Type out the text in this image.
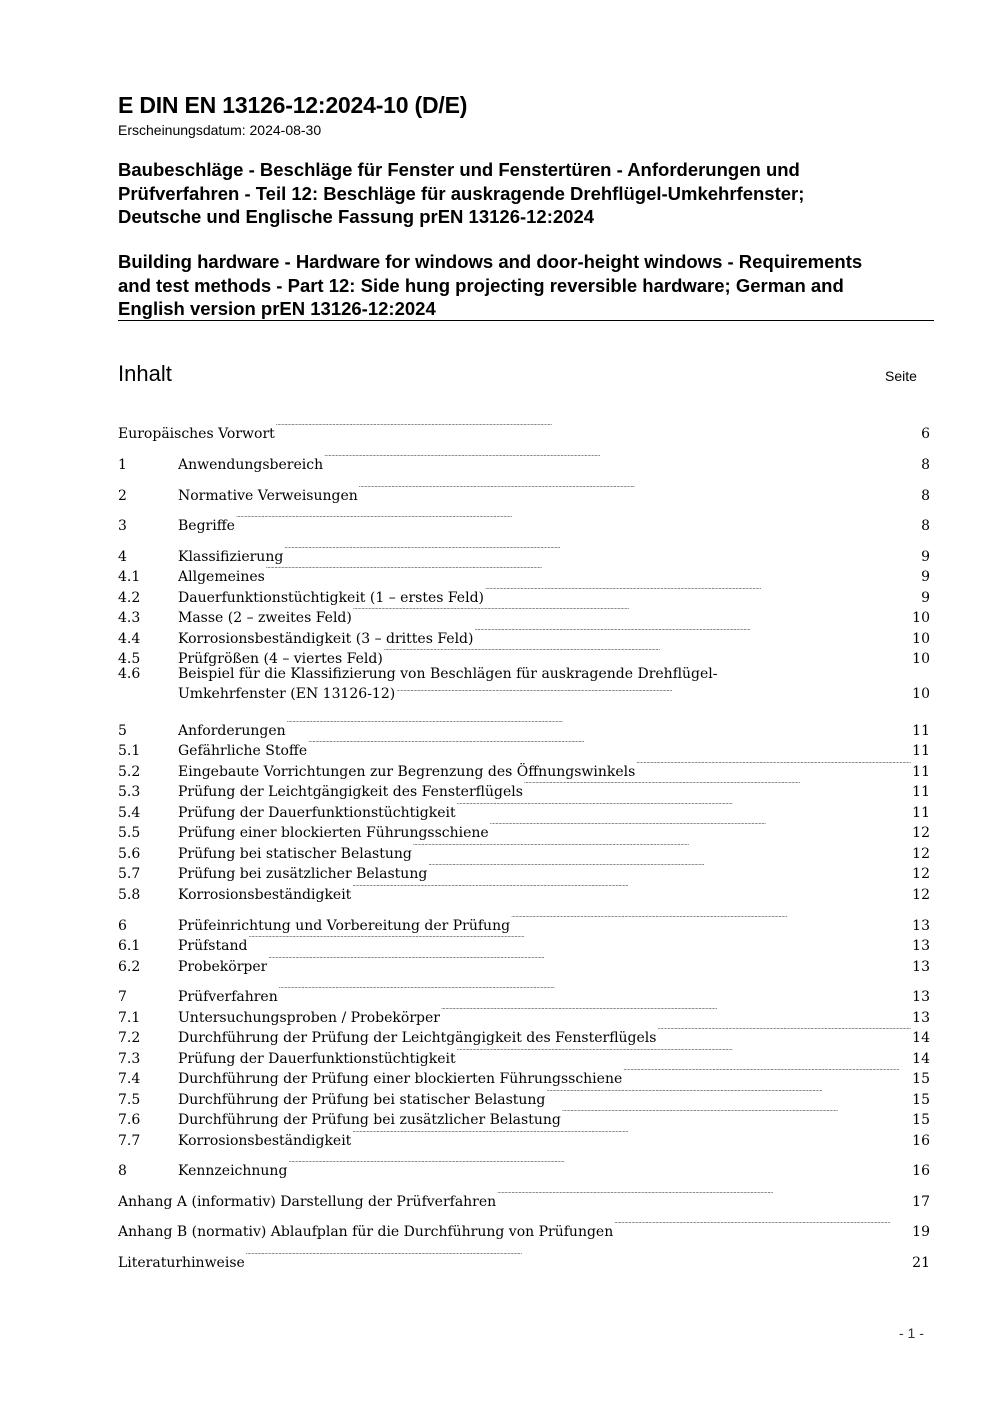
E DIN EN 13126-12:2024-10 (D/E)
Erscheinungsdatum: 2024-08-30
Baubeschläge - Beschläge für Fenster und Fenstertüren - Anforderungen und
Prüfverfahren - Teil 12: Beschläge für auskragende Drehflügel-Umkehrfenster;
Deutsche und Englische Fassung prEN 13126-12:2024
Building hardware - Hardware for windows and door-height windows - Requirements
and test methods - Part 12: Side hung projecting reversible hardware; German and
English version prEN 13126-12:2024
Inhalt	Seite
Europäisches Vorwort . . .	6
1	Anwendungsbereich . . .	8
2	Normative Verweisungen . . .	8
3	Begriffe . . .	8
4	Klassifizierung . . .	9
4.1	Allgemeines . . .	9
4.2	Dauerfunktionstüchtigkeit (1 – erstes Feld) . . .	9
4.3	Masse (2 – zweites Feld) . . .	10
4.4	Korrosionsbeständigkeit (3 – drittes Feld) . . .	10
4.5	Prüfgrößen (4 – viertes Feld) . . .	10
4.6	Beispiel für die Klassifizierung von Beschlägen für auskragende Drehflügel-
Umkehrfenster (EN 13126-12) . . .	10
5	Anforderungen . . .	11
5.1	Gefährliche Stoffe . . .	11
5.2	Eingebaute Vorrichtungen zur Begrenzung des Öffnungswinkels . . .	11
5.3	Prüfung der Leichtgängigkeit des Fensterflügels . . .	11
5.4	Prüfung der Dauerfunktionstüchtigkeit . . .	11
5.5	Prüfung einer blockierten Führungsschiene . . .	12
5.6	Prüfung bei statischer Belastung . . .	12
5.7	Prüfung bei zusätzlicher Belastung . . .	12
5.8	Korrosionsbeständigkeit . . .	12
6	Prüfeinrichtung und Vorbereitung der Prüfung . . .	13
6.1	Prüfstand . . .	13
6.2	Probekörper . . .	13
7	Prüfverfahren . . .	13
7.1	Untersuchungsproben / Probekörper . . .	13
7.2	Durchführung der Prüfung der Leichtgängigkeit des Fensterflügels . . .	14
7.3	Prüfung der Dauerfunktionstüchtigkeit . . .	14
7.4	Durchführung der Prüfung einer blockierten Führungsschiene . . .	15
7.5	Durchführung der Prüfung bei statischer Belastung . . .	15
7.6	Durchführung der Prüfung bei zusätzlicher Belastung . . .	15
7.7	Korrosionsbeständigkeit . . .	16
8	Kennzeichnung . . .	16
Anhang A (informativ) Darstellung der Prüfverfahren . . .	17
Anhang B (normativ) Ablaufplan für die Durchführung von Prüfungen . . .	19
Literaturhinweise . . .	21
- 1 -
